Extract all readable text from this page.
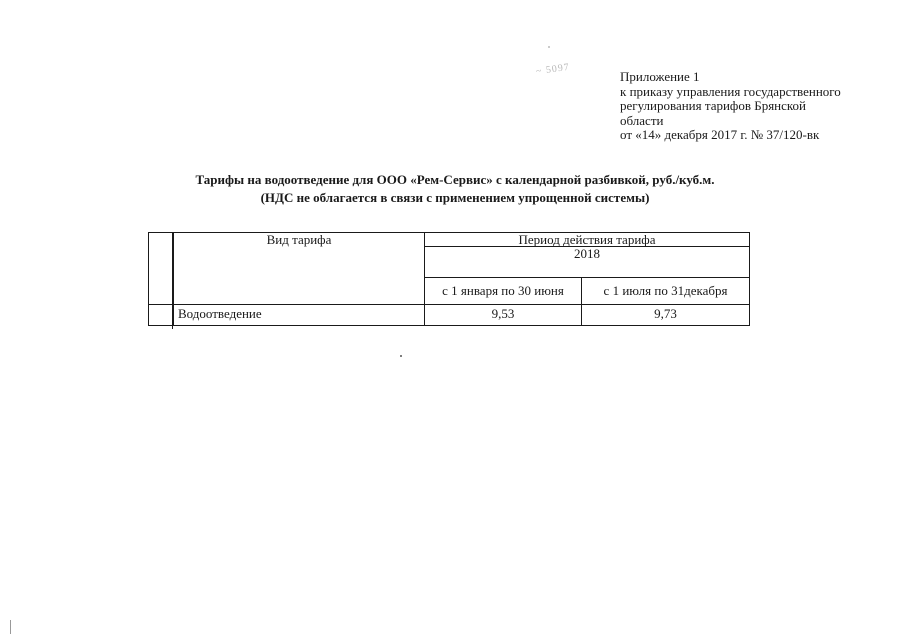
~ 5097	Приложение 1
к приказу управления государственного
регулирования тарифов Брянской
области
от «14» декабря 2017 г. № 37/120-вк
Тарифы на водоотведение для ООО «Рем-Сервис» с календарной разбивкой, руб./куб.м.
(НДС не облагается в связи с применением упрощенной системы)
	Вид тарифа	Период действия тарифа	
		2018	
		с 1 января по 30 июня	с 1 июля по 31декабря
	Водоотведение	9,53	9,73
